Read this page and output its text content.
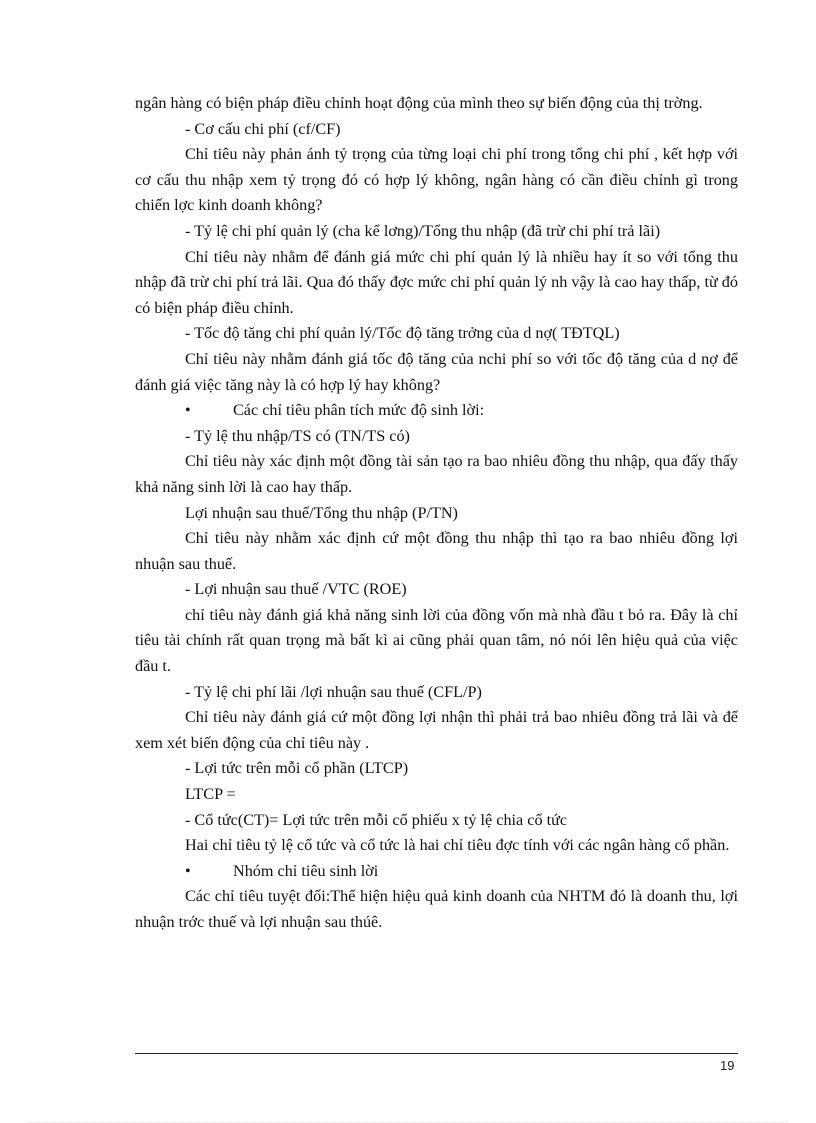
ngân hàng có biện pháp điều chỉnh hoạt động của mình theo sự biến động của thị trờng.

- Cơ cấu chi phí (cf/CF)

Chỉ tiêu này phản ánh tỷ trọng của từng loại chi phí trong tổng chi phí , kết hợp với cơ cấu thu nhập xem tỷ trọng đó có hợp lý không, ngân hàng có cần điều chỉnh gì trong chiến lợc kinh doanh không?

- Tỷ lệ chi phí quản lý (cha kể lơng)/Tổng thu nhập (đã trừ chi phí trả lãi)

Chỉ tiêu này nhằm để đánh giá mức chi phí quản lý là nhiều hay ít so với tổng thu nhập đã trừ chi phí trả lãi. Qua đó thấy đợc mức chi phí quản lý nh vậy là cao hay thấp, từ đó có biện pháp điều chỉnh.

- Tốc độ tăng chi phí quản lý/Tốc độ tăng trởng của d nợ( TĐTQL)

Chỉ tiêu này nhằm đánh giá tốc độ tăng của nchi phí so với tốc độ tăng của d nợ để đánh giá việc tăng này là có hợp lý hay không?

•	Các chỉ tiêu phân tích mức độ sinh lời:

- Tỷ lệ thu nhập/TS có (TN/TS có)

Chỉ tiêu này xác định một đồng tài sản tạo ra bao nhiêu đồng thu nhập, qua đấy thấy khả năng sinh lời là cao hay thấp.

Lợi nhuận sau thuế/Tổng thu nhập (P/TN)

Chỉ tiêu này nhằm xác định cứ một đồng thu nhập thì tạo ra bao nhiêu đồng lợi nhuận sau thuế.

- Lợi nhuận sau thuế /VTC (ROE)

chỉ tiêu này đánh giá khả năng sinh lời của đồng vốn mà nhà đầu t bỏ ra. Đây là chỉ tiêu tài chính rất quan trọng mà bất kì ai cũng phải quan tâm, nó nói lên hiệu quả của việc đầu t.

- Tỷ lệ chi phí lãi /lợi nhuận sau thuế (CFL/P)

Chỉ tiêu này đánh giá cứ một đồng lợi nhận thì phải trả bao nhiêu đồng trả lãi và để xem xét biến động của chỉ tiêu này .

- Lợi tức trên mỗi cổ phần (LTCP)

LTCP =

- Cổ tức(CT)= Lợi tức trên mỗi cổ phiếu x tỷ lệ chia cổ tức

Hai chỉ tiêu tỷ lệ cổ tức và cổ tức là hai chỉ tiêu đợc tính với các ngân hàng cổ phần.

•	Nhóm chỉ tiêu sinh lời

Các chỉ tiêu tuyệt đối:Thể hiện hiệu quả kinh doanh của NHTM đó là doanh thu, lợi nhuận trớc thuế và lợi nhuận sau thúê.

19
